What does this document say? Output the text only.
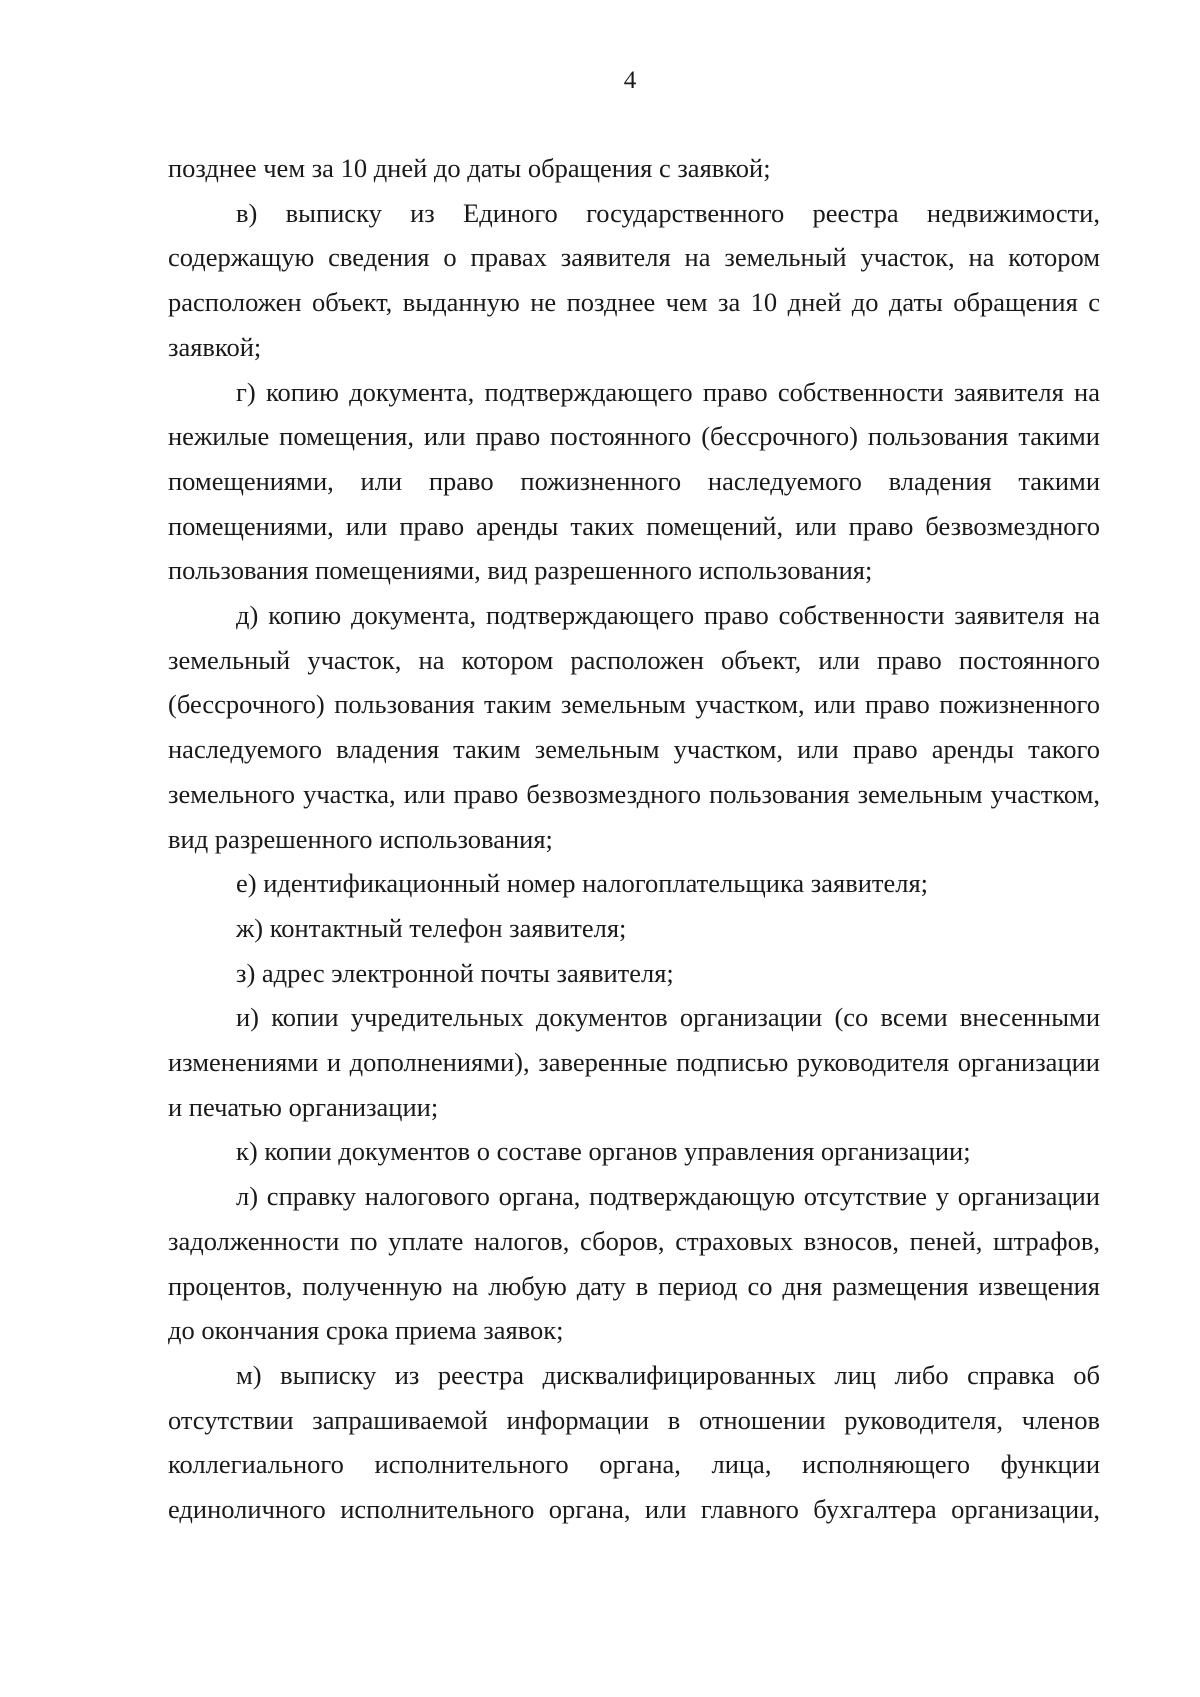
4

позднее чем за 10 дней до даты обращения с заявкой;

в) выписку из Единого государственного реестра недвижимости, содержащую сведения о правах заявителя на земельный участок, на котором расположен объект, выданную не позднее чем за 10 дней до даты обращения с заявкой;

г) копию документа, подтверждающего право собственности заявителя на нежилые помещения, или право постоянного (бессрочного) пользования такими помещениями, или право пожизненного наследуемого владения такими помещениями, или право аренды таких помещений, или право безвозмездного пользования помещениями, вид разрешенного использования;

д) копию документа, подтверждающего право собственности заявителя на земельный участок, на котором расположен объект, или право постоянного (бессрочного) пользования таким земельным участком, или право пожизненного наследуемого владения таким земельным участком, или право аренды такого земельного участка, или право безвозмездного пользования земельным участком, вид разрешенного использования;

е) идентификационный номер налогоплательщика заявителя;

ж) контактный телефон заявителя;

з) адрес электронной почты заявителя;

и) копии учредительных документов организации (со всеми внесенными изменениями и дополнениями), заверенные подписью руководителя организации и печатью организации;

к) копии документов о составе органов управления организации;

л) справку налогового органа, подтверждающую отсутствие у организации задолженности по уплате налогов, сборов, страховых взносов, пеней, штрафов, процентов, полученную на любую дату в период со дня размещения извещения до окончания срока приема заявок;

м) выписку из реестра дисквалифицированных лиц либо справка об отсутствии запрашиваемой информации в отношении руководителя, членов коллегиального исполнительного органа, лица, исполняющего функции единоличного исполнительного органа, или главного бухгалтера организации,
